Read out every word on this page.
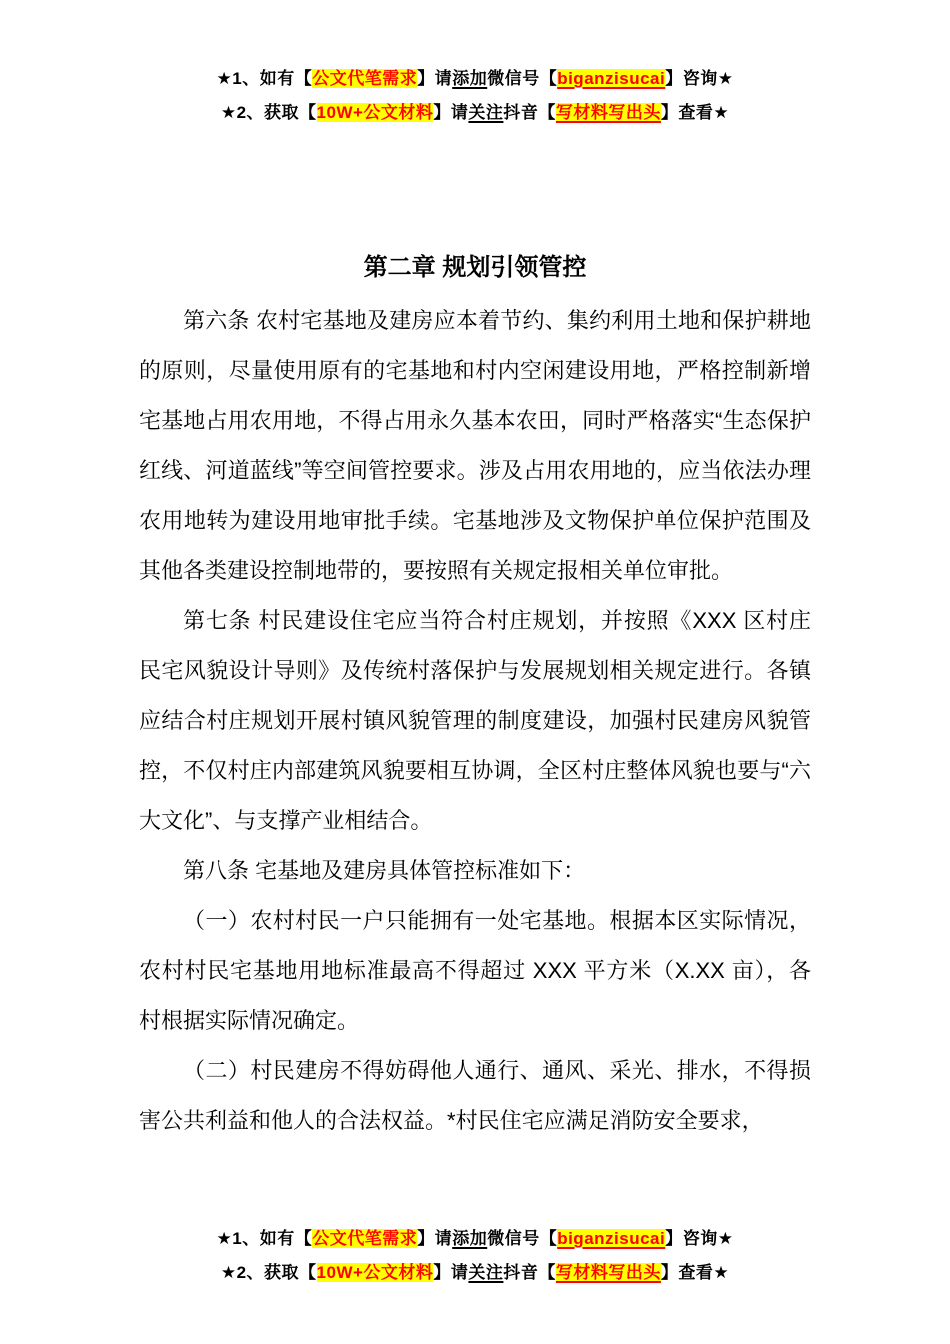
★1、如有【公文代笔需求】请添加微信号【biganzisucai】咨询★
★2、获取【10W+公文材料】请关注抖音【写材料写出头】查看★
第二章 规划引领管控

第六条 农村宅基地及建房应本着节约、集约利用土地和保护耕地的原则，尽量使用原有的宅基地和村内空闲建设用地，严格控制新增宅基地占用农用地，不得占用永久基本农田，同时严格落实“生态保护红线、河道蓝线”等空间管控要求。涉及占用农用地的，应当依法办理农用地转为建设用地审批手续。宅基地涉及文物保护单位保护范围及其他各类建设控制地带的，要按照有关规定报相关单位审批。

第七条 村民建设住宅应当符合村庄规划，并按照《XXX 区村庄民宅风貌设计导则》及传统村落保护与发展规划相关规定进行。各镇应结合村庄规划开展村镇风貌管理的制度建设，加强村民建房风貌管控，不仅村庄内部建筑风貌要相互协调，全区村庄整体风貌也要与“六大文化”、与支撑产业相结合。

第八条 宅基地及建房具体管控标准如下：

（一）农村村民一户只能拥有一处宅基地。根据本区实际情况，农村村民宅基地用地标准最高不得超过 XXX 平方米（X.XX 亩），各村根据实际情况确定。

（二）村民建房不得妨碍他人通行、通风、采光、排水，不得损害公共利益和他人的合法权益。*村民住宅应满足消防安全要求，

★1、如有【公文代笔需求】请添加微信号【biganzisucai】咨询★
★2、获取【10W+公文材料】请关注抖音【写材料写出头】查看★
